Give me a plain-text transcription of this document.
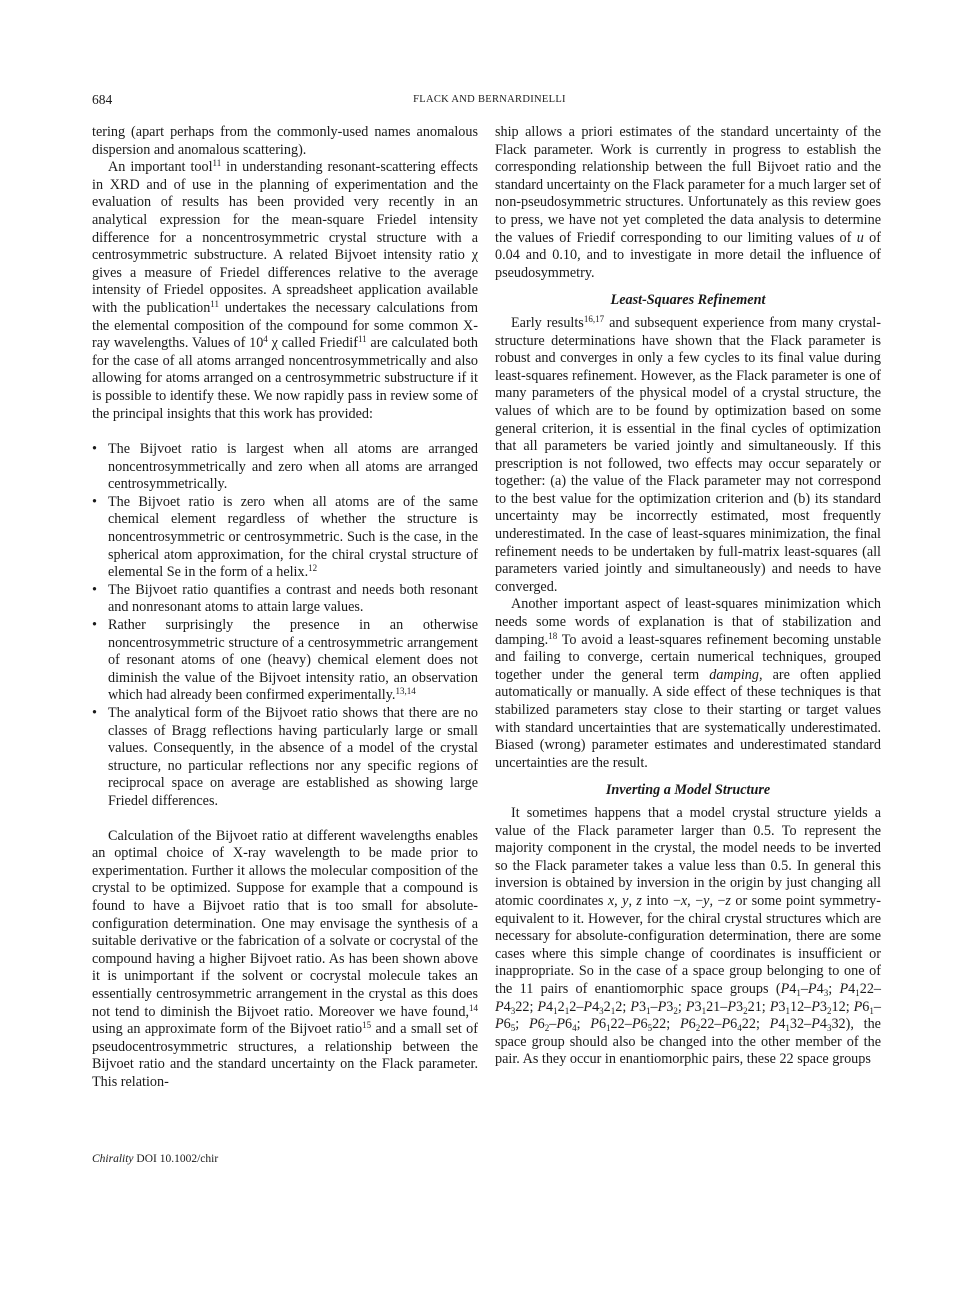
684	FLACK AND BERNARDINELLI

tering (apart perhaps from the commonly-used names anomalous dispersion and anomalous scattering).

An important tool$^{11}$ in understanding resonant-scattering effects in XRD and of use in the planning of experimentation and the evaluation of results has been provided very recently in an analytical expression for the mean-square Friedel intensity difference for a noncentrosymmetric crystal structure with a centrosymmetric substructure. A related Bijvoet intensity ratio χ gives a measure of Friedel differences relative to the average intensity of Friedel opposites. A spreadsheet application available with the publication$^{11}$ undertakes the necessary calculations from the elemental composition of the compound for some common X-ray wavelengths. Values of $10^4$ χ called Friedif$^{11}$ are calculated both for the case of all atoms arranged noncentrosymmetrically and also allowing for atoms arranged on a centrosymmetric substructure if it is possible to identify these. We now rapidly pass in review some of the principal insights that this work has provided:

• The Bijvoet ratio is largest when all atoms are arranged noncentrosymmetrically and zero when all atoms are arranged centrosymmetrically.
• The Bijvoet ratio is zero when all atoms are of the same chemical element regardless of whether the structure is noncentrosymmetric or centrosymmetric. Such is the case, in the spherical atom approximation, for the chiral crystal structure of elemental Se in the form of a helix.$^{12}$
• The Bijvoet ratio quantifies a contrast and needs both resonant and nonresonant atoms to attain large values.
• Rather surprisingly the presence in an otherwise noncentrosymmetric structure of a centrosymmetric arrangement of resonant atoms of one (heavy) chemical element does not diminish the value of the Bijvoet intensity ratio, an observation which had already been confirmed experimentally.$^{13,14}$
• The analytical form of the Bijvoet ratio shows that there are no classes of Bragg reflections having particularly large or small values. Consequently, in the absence of a model of the crystal structure, no particular reflections nor any specific regions of reciprocal space on average are established as showing large Friedel differences.

Calculation of the Bijvoet ratio at different wavelengths enables an optimal choice of X-ray wavelength to be made prior to experimentation. Further it allows the molecular composition of the crystal to be optimized. Suppose for example that a compound is found to have a Bijvoet ratio that is too small for absolute-configuration determination. One may envisage the synthesis of a suitable derivative or the fabrication of a solvate or cocrystal of the compound having a higher Bijvoet ratio. As has been shown above it is unimportant if the solvent or cocrystal molecule takes an essentially centrosymmetric arrangement in the crystal as this does not tend to diminish the Bijvoet ratio. Moreover we have found,$^{14}$ using an approximate form of the Bijvoet ratio$^{15}$ and a small set of pseudocentrosymmetric structures, a relationship between the Bijvoet ratio and the standard uncertainty on the Flack parameter. This relation-

ship allows a priori estimates of the standard uncertainty of the Flack parameter. Work is currently in progress to establish the corresponding relationship between the full Bijvoet ratio and the standard uncertainty on the Flack parameter for a much larger set of non-pseudosymmetric structures. Unfortunately as this review goes to press, we have not yet completed the data analysis to determine the values of Friedif corresponding to our limiting values of u of 0.04 and 0.10, and to investigate in more detail the influence of pseudosymmetry.

Least-Squares Refinement

Early results$^{16,17}$ and subsequent experience from many crystal-structure determinations have shown that the Flack parameter is robust and converges in only a few cycles to its final value during least-squares refinement. However, as the Flack parameter is one of many parameters of the physical model of a crystal structure, the values of which are to be found by optimization based on some general criterion, it is essential in the final cycles of optimization that all parameters be varied jointly and simultaneously. If this prescription is not followed, two effects may occur separately or together: (a) the value of the Flack parameter may not correspond to the best value for the optimization criterion and (b) its standard uncertainty may be incorrectly estimated, most frequently underestimated. In the case of least-squares minimization, the final refinement needs to be undertaken by full-matrix least-squares (all parameters varied jointly and simultaneously) and needs to have converged.

Another important aspect of least-squares minimization which needs some words of explanation is that of stabilization and damping.$^{18}$ To avoid a least-squares refinement becoming unstable and failing to converge, certain numerical techniques, grouped together under the general term damping, are often applied automatically or manually. A side effect of these techniques is that stabilized parameters stay close to their starting or target values with standard uncertainties that are systematically underestimated. Biased (wrong) parameter estimates and underestimated standard uncertainties are the result.

Inverting a Model Structure

It sometimes happens that a model crystal structure yields a value of the Flack parameter larger than 0.5. To represent the majority component in the crystal, the model needs to be inverted so the Flack parameter takes a value less than 0.5. In general this inversion is obtained by inversion in the origin by just changing all atomic coordinates x, y, z into −x, −y, −z or some point symmetry-equivalent to it. However, for the chiral crystal structures which are necessary for absolute-configuration determination, there are some cases where this simple change of coordinates is insufficient or inappropriate. So in the case of a space group belonging to one of the 11 pairs of enantiomorphic space groups ($P4_1-P4_3$; $P4_122-P4_322$; $P4_12_12-P4_32_12$; $P3_1-P3_2$; $P3_121-P3_221$; $P3_112-P3_212$; $P6_1-P6_5$; $P6_2-P6_4$; $P6_122-P6_522$; $P6_222-P6_422$; $P4_132-P4_332$), the space group should also be changed into the other member of the pair. As they occur in enantiomorphic pairs, these 22 space groups

Chirality DOI 10.1002/chir
